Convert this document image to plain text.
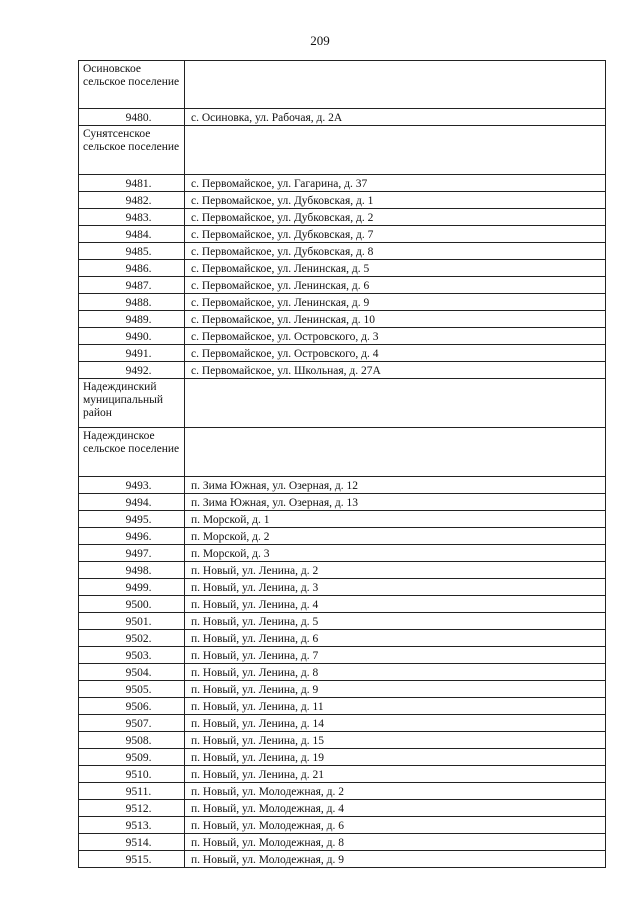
209
Осиновское сельское поселение	
9480.	с. Осиновка, ул. Рабочая, д. 2А
Сунятсенское сельское поселение	
9481.	с. Первомайское, ул. Гагарина, д. 37
9482.	с. Первомайское, ул. Дубковская, д. 1
9483.	с. Первомайское, ул. Дубковская, д. 2
9484.	с. Первомайское, ул. Дубковская, д. 7
9485.	с. Первомайское, ул. Дубковская, д. 8
9486.	с. Первомайское, ул. Ленинская, д. 5
9487.	с. Первомайское, ул. Ленинская, д. 6
9488.	с. Первомайское, ул. Ленинская, д. 9
9489.	с. Первомайское, ул. Ленинская, д. 10
9490.	с. Первомайское, ул. Островского, д. 3
9491.	с. Первомайское, ул. Островского, д. 4
9492.	с. Первомайское, ул. Школьная, д. 27А
Надеждинский муниципальный район	
Надеждинское сельское поселение	
9493.	п. Зима Южная, ул. Озерная, д. 12
9494.	п. Зима Южная, ул. Озерная, д. 13
9495.	п. Морской, д. 1
9496.	п. Морской, д. 2
9497.	п. Морской, д. 3
9498.	п. Новый, ул. Ленина, д. 2
9499.	п. Новый, ул. Ленина, д. 3
9500.	п. Новый, ул. Ленина, д. 4
9501.	п. Новый, ул. Ленина, д. 5
9502.	п. Новый, ул. Ленина, д. 6
9503.	п. Новый, ул. Ленина, д. 7
9504.	п. Новый, ул. Ленина, д. 8
9505.	п. Новый, ул. Ленина, д. 9
9506.	п. Новый, ул. Ленина, д. 11
9507.	п. Новый, ул. Ленина, д. 14
9508.	п. Новый, ул. Ленина, д. 15
9509.	п. Новый, ул. Ленина, д. 19
9510.	п. Новый, ул. Ленина, д. 21
9511.	п. Новый, ул. Молодежная, д. 2
9512.	п. Новый, ул. Молодежная, д. 4
9513.	п. Новый, ул. Молодежная, д. 6
9514.	п. Новый, ул. Молодежная, д. 8
9515.	п. Новый, ул. Молодежная, д. 9
